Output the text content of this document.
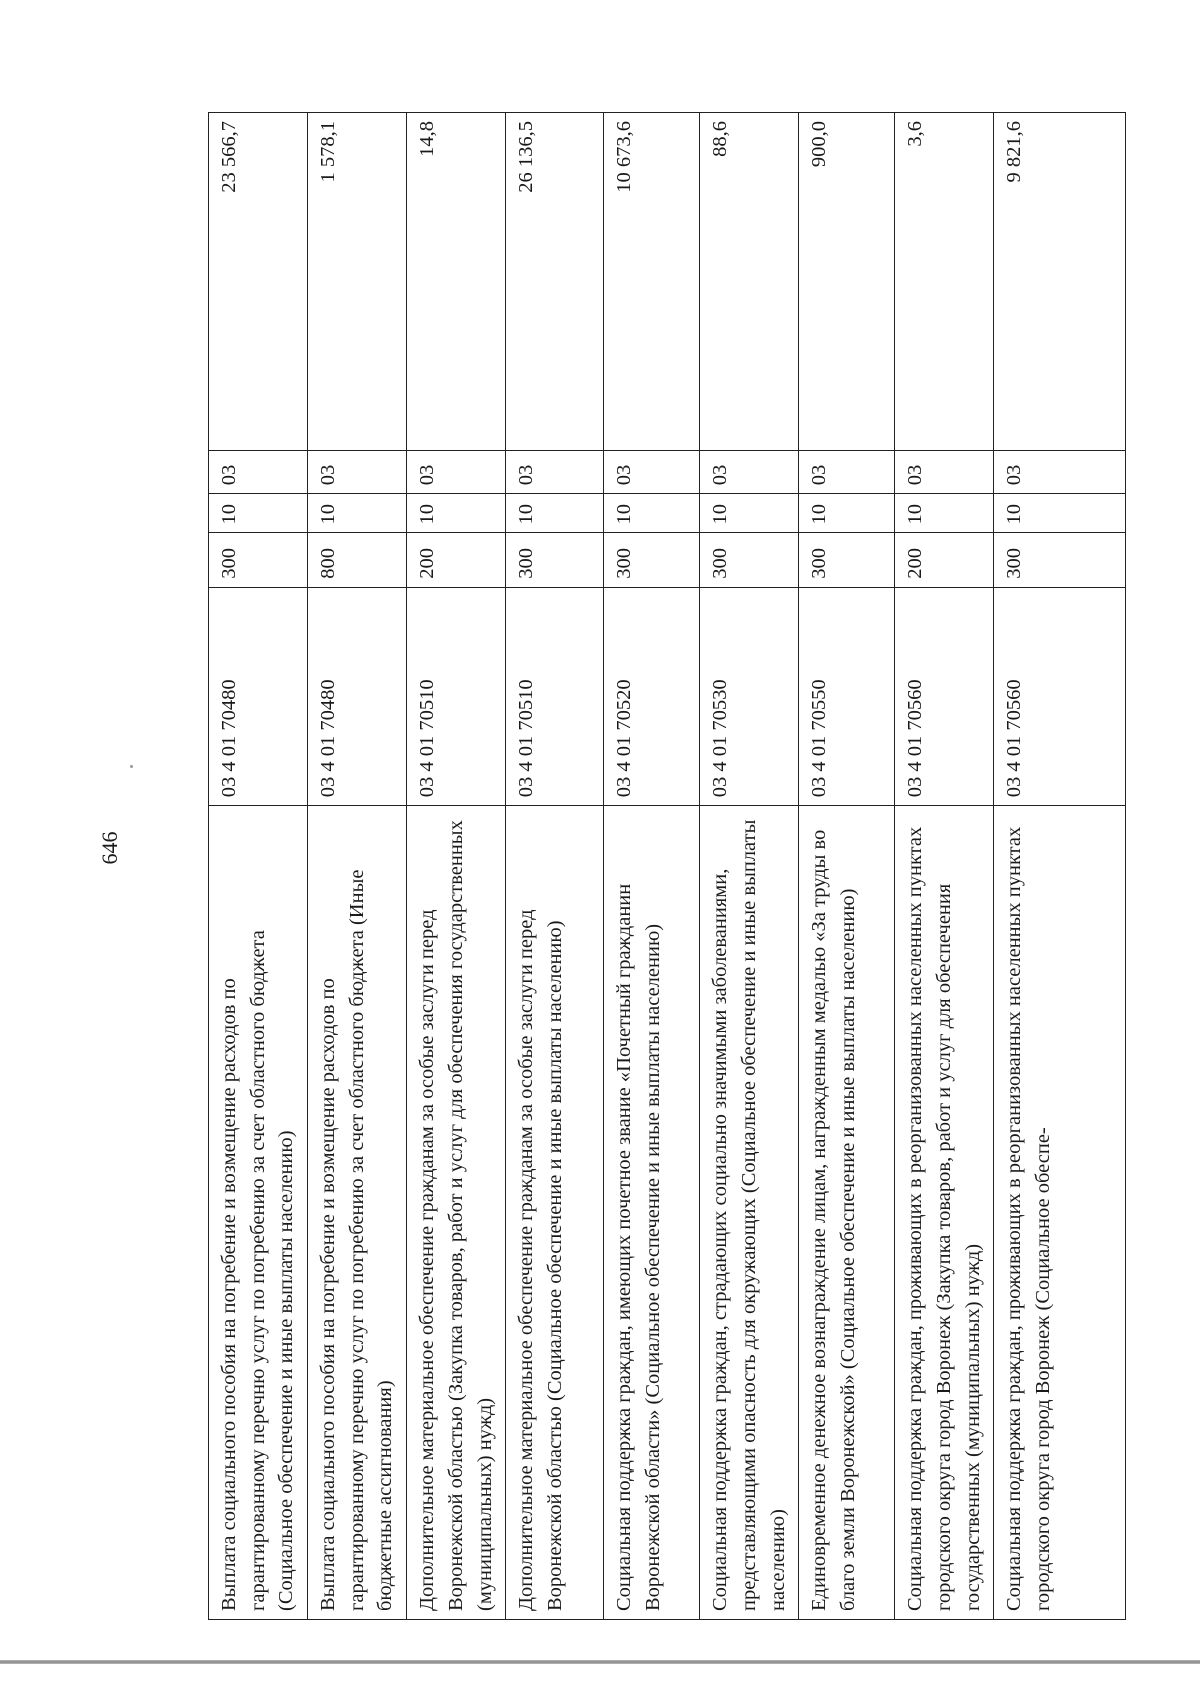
646
Выплата социального пособия на погребение и возмещение расходов по гарантированному перечню услуг по погребению за счет областного бюджета (Социальное обеспечение и иные выплаты населению)	03 4 01 70480	300	10	03	23 566,7
Выплата социального пособия на погребение и возмещение расходов по гарантированному перечню услуг по погребению за счет областного бюджета (Иные бюджетные ассигнования)	03 4 01 70480	800	10	03	1 578,1
Дополнительное материальное обеспечение гражданам за особые заслуги перед Воронежской областью (Закупка товаров, работ и услуг для обеспечения государственных (муниципальных) нужд)	03 4 01 70510	200	10	03	14,8
Дополнительное материальное обеспечение гражданам за особые заслуги перед Воронежской областью (Социальное обеспечение и иные выплаты населению)	03 4 01 70510	300	10	03	26 136,5
Социальная поддержка граждан, имеющих почетное звание «Почетный гражданин Воронежской области» (Социальное обеспечение и иные выплаты населению)	03 4 01 70520	300	10	03	10 673,6
Социальная поддержка граждан, страдающих социально значимыми заболеваниями, представляющими опасность для окружающих (Социальное обеспечение и иные выплаты населению)	03 4 01 70530	300	10	03	88,6
Единовременное денежное вознаграждение лицам, награжденным медалью «За труды во благо земли Воронежской» (Социальное обеспечение и иные выплаты населению)	03 4 01 70550	300	10	03	900,0
Социальная поддержка граждан, проживающих в реорганизованных населенных пунктах городского округа город Воронеж (Закупка товаров, работ и услуг для обеспечения государственных (муниципальных) нужд)	03 4 01 70560	200	10	03	3,6
Социальная поддержка граждан, проживающих в реорганизованных населенных пунктах городского округа город Воронеж (Социальное обеспе-	03 4 01 70560	300	10	03	9 821,6
